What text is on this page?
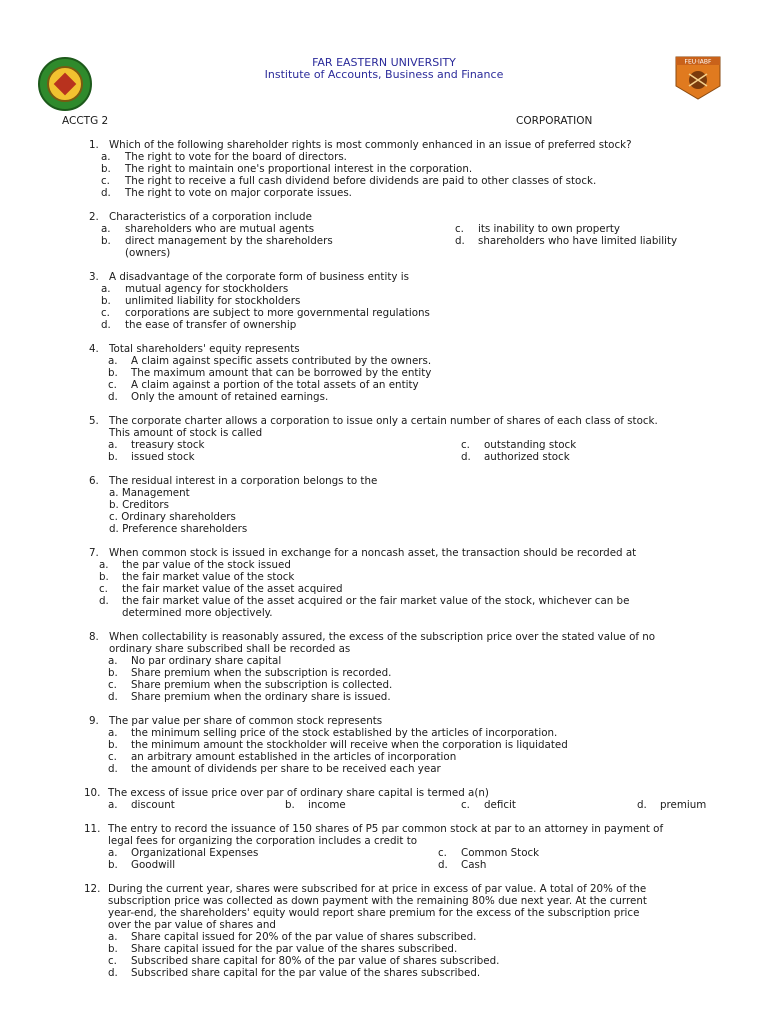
FEU·IABF
FAR EASTERN UNIVERSITY
Institute of Accounts, Business and Finance
ACCTG 2	CORPORATION
1. Which of the following shareholder rights is most commonly enhanced in an issue of preferred stock?
a. The right to vote for the board of directors.
b. The right to maintain one's proportional interest in the corporation.
c. The right to receive a full cash dividend before dividends are paid to other classes of stock.
d. The right to vote on major corporate issues.
2. Characteristics of a corporation include
a. shareholders who are mutual agents
b. direct management by the shareholders
(owners)
c. its inability to own property
d. shareholders who have limited liability
3. A disadvantage of the corporate form of business entity is
a. mutual agency for stockholders
b. unlimited liability for stockholders
c. corporations are subject to more governmental regulations
d. the ease of transfer of ownership
4. Total shareholders' equity represents
a. A claim against specific assets contributed by the owners.
b. The maximum amount that can be borrowed by the entity
c. A claim against a portion of the total assets of an entity
d. Only the amount of retained earnings.
5. The corporate charter allows a corporation to issue only a certain number of shares of each class of stock.
This amount of stock is called
a. treasury stock
b. issued stock
c. outstanding stock
d. authorized stock
6. The residual interest in a corporation belongs to the
a. Management
b. Creditors
c. Ordinary shareholders
d. Preference shareholders
7. When common stock is issued in exchange for a noncash asset, the transaction should be recorded at
a. the par value of the stock issued
b. the fair market value of the stock
c. the fair market value of the asset acquired
d. the fair market value of the asset acquired or the fair market value of the stock, whichever can be
determined more objectively.
8. When collectability is reasonably assured, the excess of the subscription price over the stated value of no
ordinary share subscribed shall be recorded as
a. No par ordinary share capital
b. Share premium when the subscription is recorded.
c. Share premium when the subscription is collected.
d. Share premium when the ordinary share is issued.
9. The par value per share of common stock represents
a. the minimum selling price of the stock established by the articles of incorporation.
b. the minimum amount the stockholder will receive when the corporation is liquidated
c. an arbitrary amount established in the articles of incorporation
d. the amount of dividends per share to be received each year
10. The excess of issue price over par of ordinary share capital is termed a(n)
a. discount	b. income	c. deficit	d. premium
11. The entry to record the issuance of 150 shares of P5 par common stock at par to an attorney in payment of
legal fees for organizing the corporation includes a credit to
a. Organizational Expenses
b. Goodwill
c. Common Stock
d. Cash
12. During the current year, shares were subscribed for at price in excess of par value. A total of 20% of the
subscription price was collected as down payment with the remaining 80% due next year. At the current
year-end, the shareholders' equity would report share premium for the excess of the subscription price
over the par value of shares and
a. Share capital issued for 20% of the par value of shares subscribed.
b. Share capital issued for the par value of the shares subscribed.
c. Subscribed share capital for 80% of the par value of shares subscribed.
d. Subscribed share capital for the par value of the shares subscribed.
